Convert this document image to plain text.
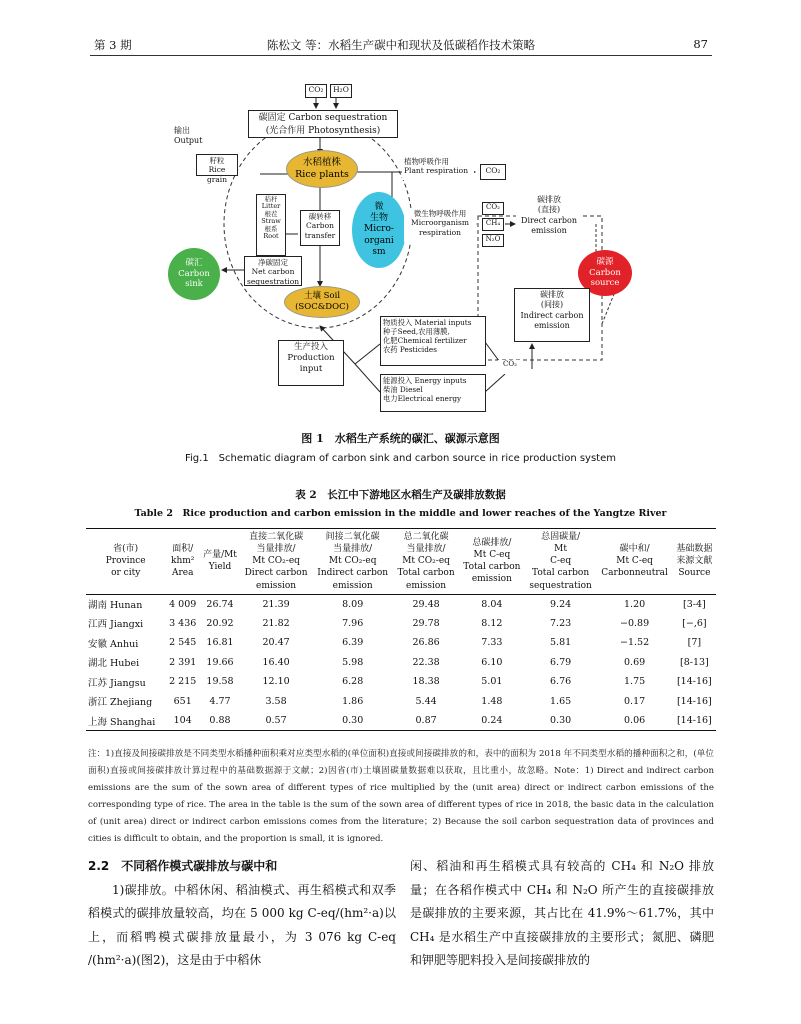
第 3 期	陈松文 等：水稻生产碳中和现状及低碳稻作技术策略	87
CO₂	H₂O
碳固定 Carbon sequestration
(光合作用 Photosynthesis)
输出
Output
籽粒
Rice grain
水稻植株
Rice plants
植物呼吸作用
Plant respiration	CO₂
秸秆
Litter
根茬
Straw
根系
Root
碳转移
Carbon
transfer
微
生物
Micro-
organi
sm
微生物呼吸作用
Microorganism
respiration
CO₂
CH₄
N₂O
碳排放
(直接)
Direct carbon
emission
碳汇
Carbon
sink
净碳固定
Net carbon
sequestration
土壤 Soil
(SOC&DOC)
碳源
Carbon
source
碳排放
(间接)
Indirect carbon
emission
物质投入 Material inputs
种子Seed,农用薄膜,
化肥Chemical fertilizer
农药 Pesticides
生产投入
Production
input
CO₂
能源投入 Energy inputs
柴油 Diesel
电力Electrical energy
图 1　水稻生产系统的碳汇、碳源示意图
Fig.1　Schematic diagram of carbon sink and carbon source in rice production system
表 2　长江中下游地区水稻生产及碳排放数据
Table 2　Rice production and carbon emission in the middle and lower reaches of the Yangtze River
省(市)
Province
or city	面积/
khm²
Area	产量/Mt
Yield	直接二氧化碳
当量排放/
Mt CO₂-eq
Direct carbon
emission	间接二氧化碳
当量排放/
Mt CO₂-eq
Indirect carbon
emission	总二氧化碳
当量排放/
Mt CO₂-eq
Total carbon
emission	总碳排放/
Mt C-eq
Total carbon
emission	总固碳量/
Mt
C-eq
Total carbon
sequestration	碳中和/
Mt C-eq
Carbonneutral	基础数据
来源文献
Source
湖南 Hunan	4 009	26.74	21.39	8.09	29.48	8.04	9.24	1.20	[3-4]
江西 Jiangxi	3 436	20.92	21.82	7.96	29.78	8.12	7.23	−0.89	[−,6]
安徽 Anhui	2 545	16.81	20.47	6.39	26.86	7.33	5.81	−1.52	[7]
湖北 Hubei	2 391	19.66	16.40	5.98	22.38	6.10	6.79	0.69	[8-13]
江苏 Jiangsu	2 215	19.58	12.10	6.28	18.38	5.01	6.76	1.75	[14-16]
浙江 Zhejiang	651	4.77	3.58	1.86	5.44	1.48	1.65	0.17	[14-16]
上海 Shanghai	104	0.88	0.57	0.30	0.87	0.24	0.30	0.06	[14-16]
注：1)直接及间接碳排放是不同类型水稻播种面积乘对应类型水稻的(单位面积)直接或间接碳排放的和，表中的面积为 2018 年不同类型水稻的播种面积之和，(单位面积)直接或间接碳排放计算过程中的基础数据源于文献；2)因省(市)土壤固碳量数据难以获取，且比重小，故忽略。Note：1) Direct and indirect carbon emissions are the sum of the sown area of different types of rice multiplied by the (unit area) direct or indirect carbon emissions of the corresponding type of rice. The area in the table is the sum of the sown area of different types of rice in 2018, the basic data in the calculation of (unit area) direct or indirect carbon emissions comes from the literature；2) Because the soil carbon sequestration data of provinces and cities is difficult to obtain, and the proportion is small, it is ignored.
2.2　不同稻作模式碳排放与碳中和
1)碳排放。中稻休闲、稻油模式、再生稻模式和双季稻模式的碳排放量较高，均在 5 000 kg C-eq/(hm²·a)以上，而稻鸭模式碳排放量最小，为 3 076 kg C-eq /(hm²·a)(图2)，这是由于中稻休
闲、稻油和再生稻模式具有较高的 CH₄ 和 N₂O 排放量；在各稻作模式中 CH₄ 和 N₂O 所产生的直接碳排放是碳排放的主要来源，其占比在 41.9%～61.7%，其中 CH₄ 是水稻生产中直接碳排放的主要形式；氮肥、磷肥和钾肥等肥料投入是间接碳排放的
